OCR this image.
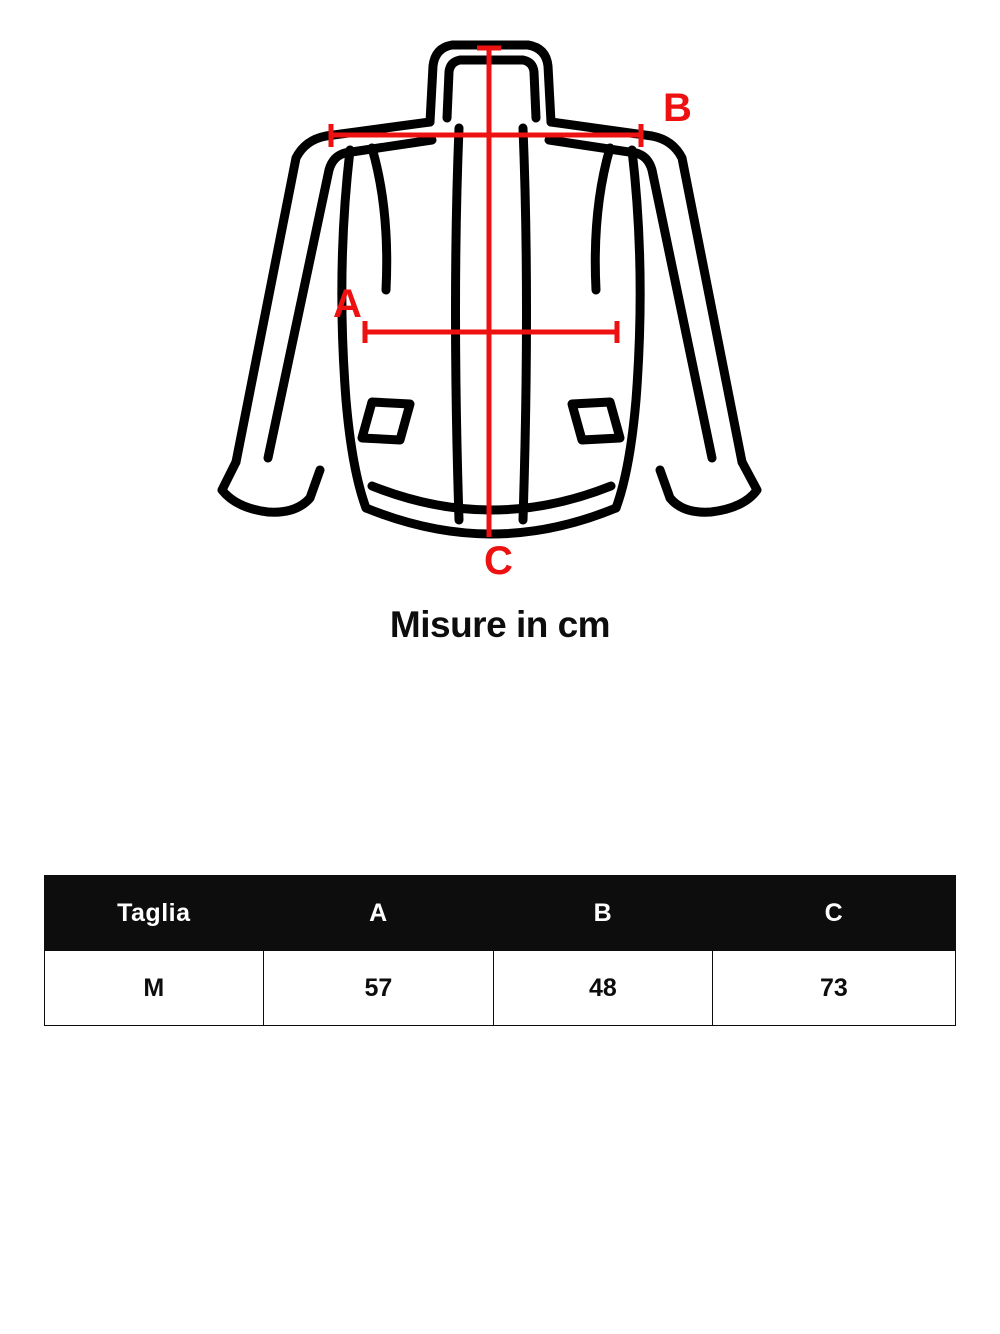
B
A
C
Misure in cm
Taglia	A	B	C
M	57	48	73
